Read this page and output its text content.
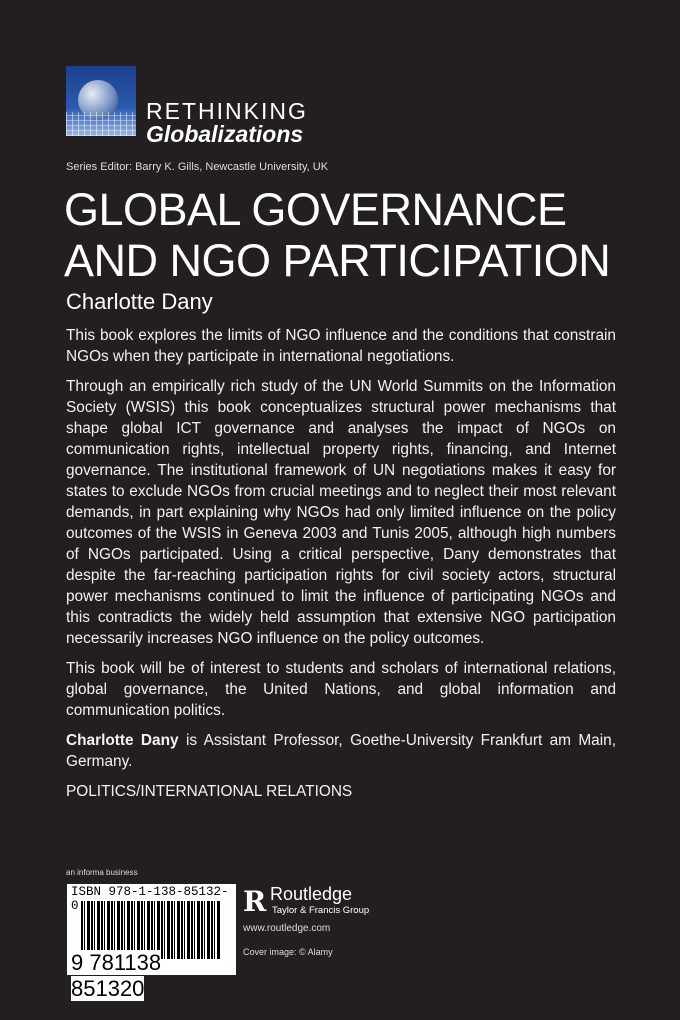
RETHINKING
Globalizations
Series Editor: Barry K. Gills, Newcastle University, UK
GLOBAL GOVERNANCE
AND NGO PARTICIPATION
Charlotte Dany

This book explores the limits of NGO influence and the conditions that constrain NGOs when they participate in international negotiations.

Through an empirically rich study of the UN World Summits on the Information Society (WSIS) this book conceptualizes structural power mechanisms that shape global ICT governance and analyses the impact of NGOs on communication rights, intellectual property rights, financing, and Internet governance. The institutional framework of UN negotiations makes it easy for states to exclude NGOs from crucial meetings and to neglect their most relevant demands, in part explaining why NGOs had only limited influence on the policy outcomes of the WSIS in Geneva 2003 and Tunis 2005, although high numbers of NGOs participated. Using a critical perspective, Dany demonstrates that despite the far-reaching participation rights for civil society actors, structural power mechanisms continued to limit the influence of participating NGOs and this contradicts the widely held assumption that extensive NGO participation necessarily increases NGO influence on the policy outcomes.

This book will be of interest to students and scholars of international relations, global governance, the United Nations, and global information and communication politics.

Charlotte Dany is Assistant Professor, Goethe-University Frankfurt am Main, Germany.

POLITICS/INTERNATIONAL RELATIONS

an informa business
ISBN 978-1-138-85132-0
9 781138 851320
R Routledge
Taylor & Francis Group
www.routledge.com
Cover image: © Alamy
